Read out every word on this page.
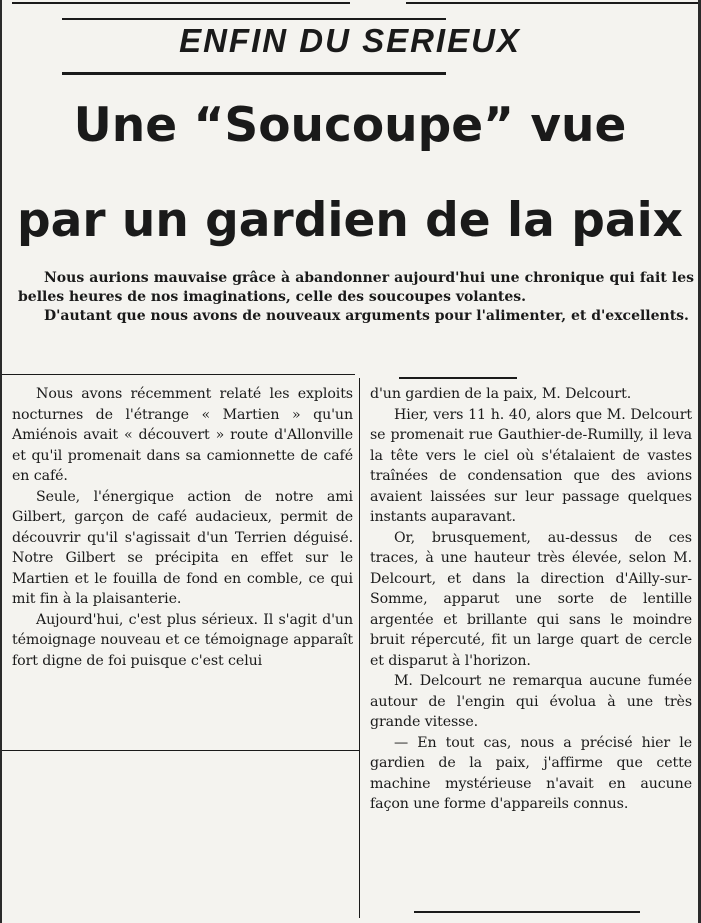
ENFIN DU SERIEUX
Une “Soucoupe” vue
par un gardien de la paix

Nous aurions mauvaise grâce à abandonner aujourd'hui une chronique qui fait les belles heures de nos imaginations, celle des soucoupes volantes.

D'autant que nous avons de nouveaux arguments pour l'alimenter, et d'excellents.

Nous avons récemment relaté les exploits nocturnes de l'étrange « Martien » qu'un Amiénois avait « découvert » route d'Allonville et qu'il promenait dans sa camionnette de café en café.

Seule, l'énergique action de notre ami Gilbert, garçon de café audacieux, permit de découvrir qu'il s'agissait d'un Terrien déguisé. Notre Gilbert se précipita en effet sur le Martien et le fouilla de fond en comble, ce qui mit fin à la plaisanterie.

Aujourd'hui, c'est plus sérieux. Il s'agit d'un témoignage nouveau et ce témoignage apparaît fort digne de foi puisque c'est celui

d'un gardien de la paix, M. Delcourt.

Hier, vers 11 h. 40, alors que M. Delcourt se promenait rue Gauthier-de-Rumilly, il leva la tête vers le ciel où s'étalaient de vastes traînées de condensation que des avions avaient laissées sur leur passage quelques instants auparavant.

Or, brusquement, au-dessus de ces traces, à une hauteur très élevée, selon M. Delcourt, et dans la direction d'Ailly-sur-Somme, apparut une sorte de lentille argentée et brillante qui sans le moindre bruit répercuté, fit un large quart de cercle et disparut à l'horizon.

M. Delcourt ne remarqua aucune fumée autour de l'engin qui évolua à une très grande vitesse.

— En tout cas, nous a précisé hier le gardien de la paix, j'affirme que cette machine mystérieuse n'avait en aucune façon une forme d'appareils connus.
